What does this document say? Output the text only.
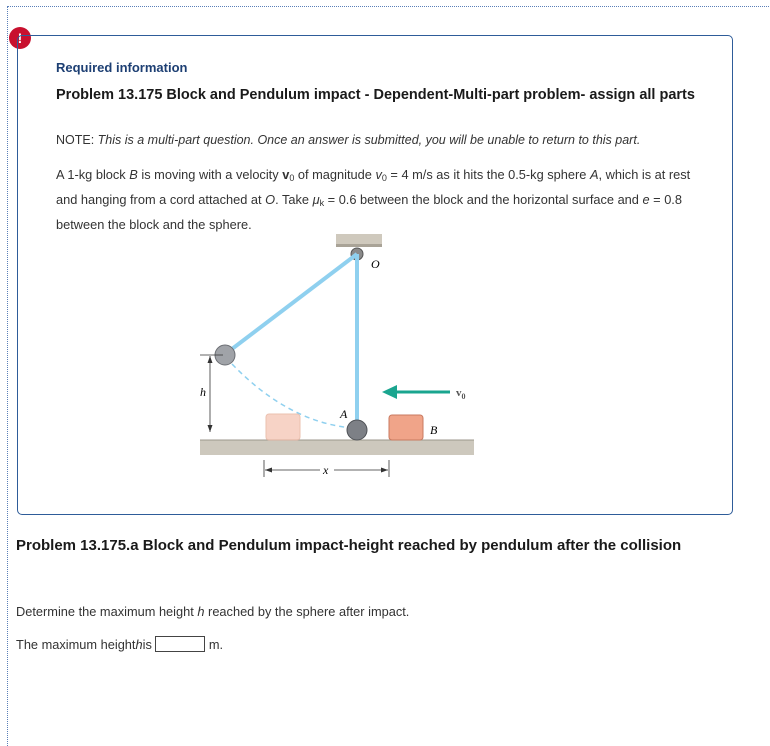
!
Required information
Problem 13.175 Block and Pendulum impact - Dependent-Multi-part problem- assign all parts
NOTE: This is a multi-part question. Once an answer is submitted, you will be unable to return to this part.
A 1-kg block B is moving with a velocity $v_0$ of magnitude $v_0 = 4$ m/s as it hits the 0.5-kg sphere A, which is at rest and hanging from a cord attached at O. Take $\mu_k = 0.6$ between the block and the horizontal surface and e = 0.8 between the block and the sphere.
O
h
A
B
$v_0$
x
Problem 13.175.a Block and Pendulum impact-height reached by pendulum after the collision
Determine the maximum height h reached by the sphere after impact.
The maximum height h is	m.
